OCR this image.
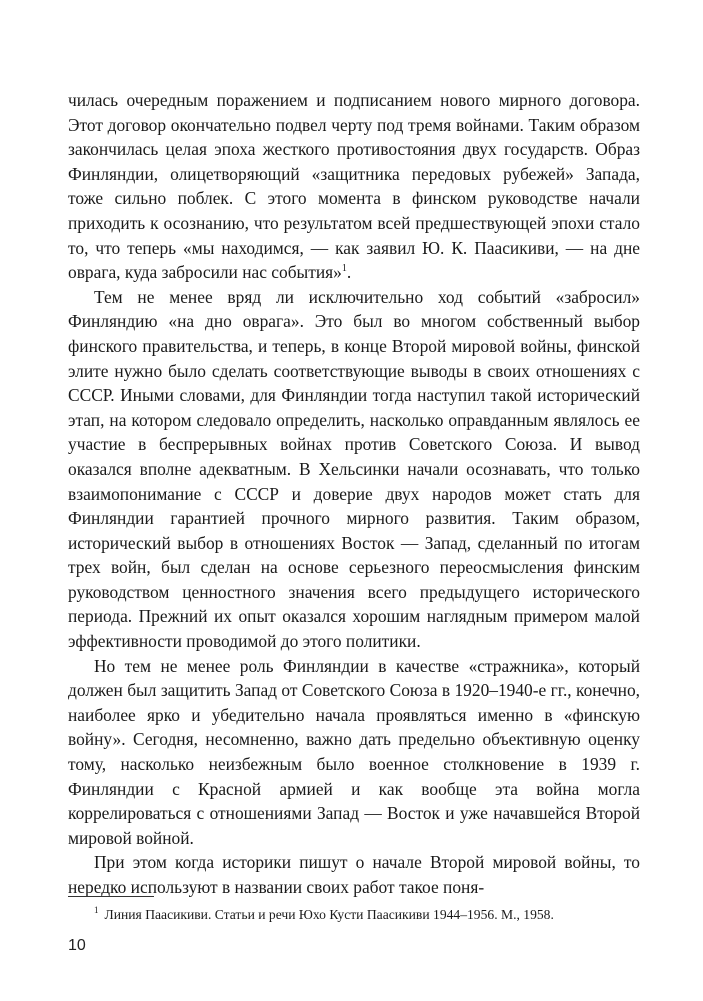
чилась очередным поражением и подписанием нового мирного договора. Этот договор окончательно подвел черту под тремя войнами. Таким образом закончилась целая эпоха жесткого противостояния двух государств. Образ Финляндии, олицетворяющий «защитника передовых рубежей» Запада, тоже сильно поблек. С этого момента в финском руководстве начали приходить к осознанию, что результатом всей предшествующей эпохи стало то, что теперь «мы находимся, — как заявил Ю. К. Паасикиви, — на дне оврага, куда забросили нас события»$^1$.

Тем не менее вряд ли исключительно ход событий «забросил» Финляндию «на дно оврага». Это был во многом собственный выбор финского правительства, и теперь, в конце Второй мировой войны, финской элите нужно было сделать соответствующие выводы в своих отношениях с СССР. Иными словами, для Финляндии тогда наступил такой исторический этап, на котором следовало определить, насколько оправданным являлось ее участие в беспрерывных войнах против Советского Союза. И вывод оказался вполне адекватным. В Хельсинки начали осознавать, что только взаимопонимание с СССР и доверие двух народов может стать для Финляндии гарантией прочного мирного развития. Таким образом, исторический выбор в отношениях Восток — Запад, сделанный по итогам трех войн, был сделан на основе серьезного переосмысления финским руководством ценностного значения всего предыдущего исторического периода. Прежний их опыт оказался хорошим наглядным примером малой эффективности проводимой до этого политики.

Но тем не менее роль Финляндии в качестве «стражника», который должен был защитить Запад от Советского Союза в 1920–1940-е гг., конечно, наиболее ярко и убедительно начала проявляться именно в «финскую войну». Сегодня, несомненно, важно дать предельно объективную оценку тому, насколько неизбежным было военное столкновение в 1939 г. Финляндии с Красной армией и как вообще эта война могла коррелироваться с отношениями Запад — Восток и уже начавшейся Второй мировой войной.

При этом когда историки пишут о начале Второй мировой войны, то нередко используют в названии своих работ такое поня-

$^1$ Линия Паасикиви. Статьи и речи Юхо Кусти Паасикиви 1944–1956. М., 1958.

10
